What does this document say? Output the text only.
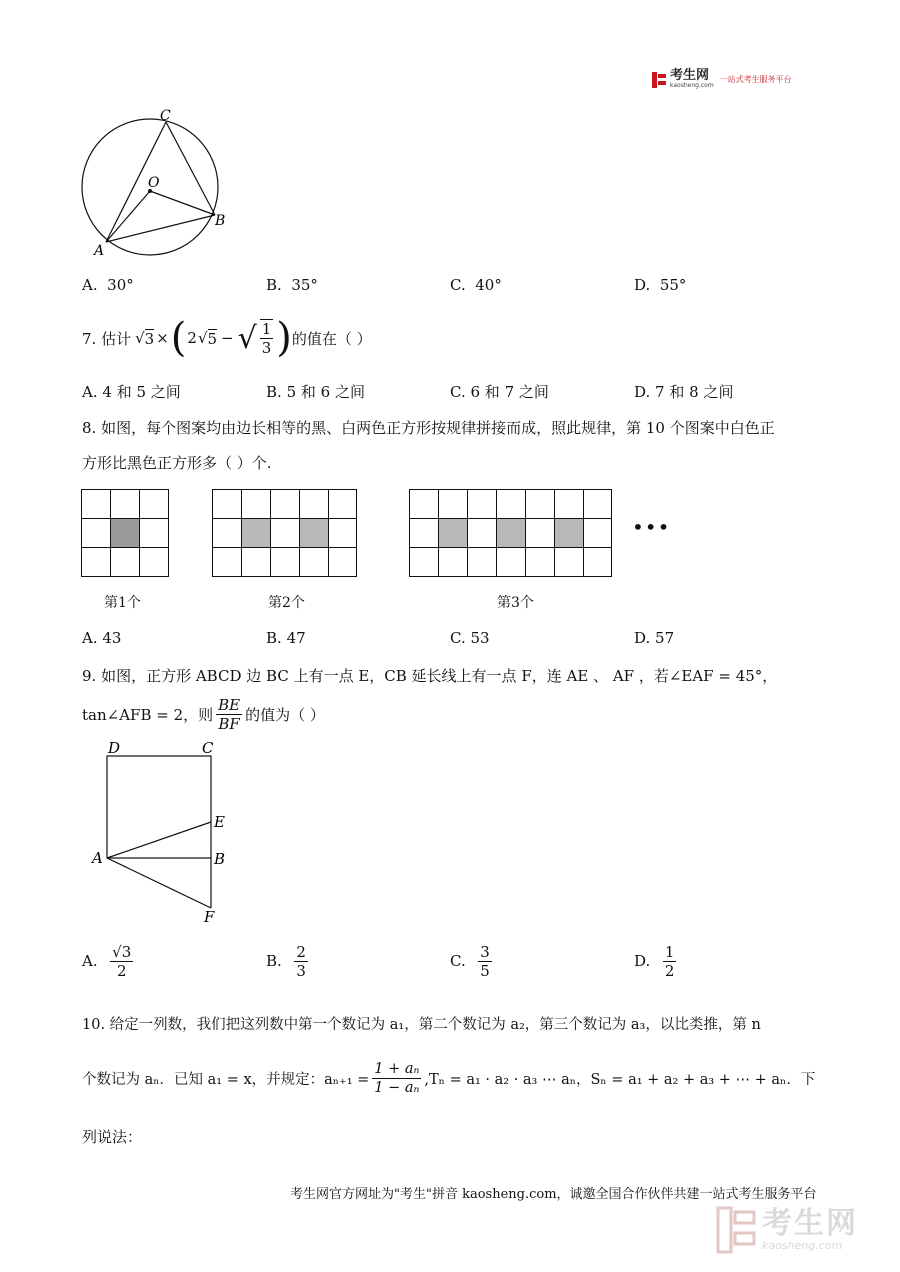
考生网
kaosheng.com
一站式考生服务平台
C
O
B
A
A. 30°	B. 35°	C. 40°	D. 55°
7. 估计 √ 3 × ( 2 √ 5 − √ $\frac{1}{3}$ ) 的值在（ ）
A. 4 和 5 之间	B. 5 和 6 之间	C. 6 和 7 之间	D. 7 和 8 之间
8. 如图，每个图案均由边长相等的黑、白两色正方形按规律拼接而成，照此规律，第 10 个图案中白色正
方形比黑色正方形多（ ）个.
•••
第1个	第2个	第3个
A. 43	B. 47	C. 53	D. 57
9. 如图，正方形 ABCD 边 BC 上有一点 E，CB 延长线上有一点 F，连 AE 、 AF ，若∠EAF = 45°，
tan∠AFB = 2，则 $\frac{BE}{BF}$ 的值为（ ）
D	C
E
A	B
F
A.
$\frac{√3}{2}$	B.
$\frac{2}{3}$	C.
$\frac{3}{5}$	D.
$\frac{1}{2}$
10. 给定一列数，我们把这列数中第一个数记为 a₁，第二个数记为 a₂，第三个数记为 a₃，以比类推，第 n
个数记为 aₙ．已知 a₁ = x，并规定：$a_{n+1} = \frac{\text{1 + aₙ}}{\text{1 − aₙ}} ,T_n = a_1 \cdot a_2 \cdot a_3$ ⋯ aₙ，Sₙ = a₁ + a₂ + a₃ + ⋯ + aₙ．下
列说法：
考生网官方网址为"考生"拼音 kaosheng.com，诚邀全国合作伙伴共建一站式考生服务平台
考生网
kaosheng.com
